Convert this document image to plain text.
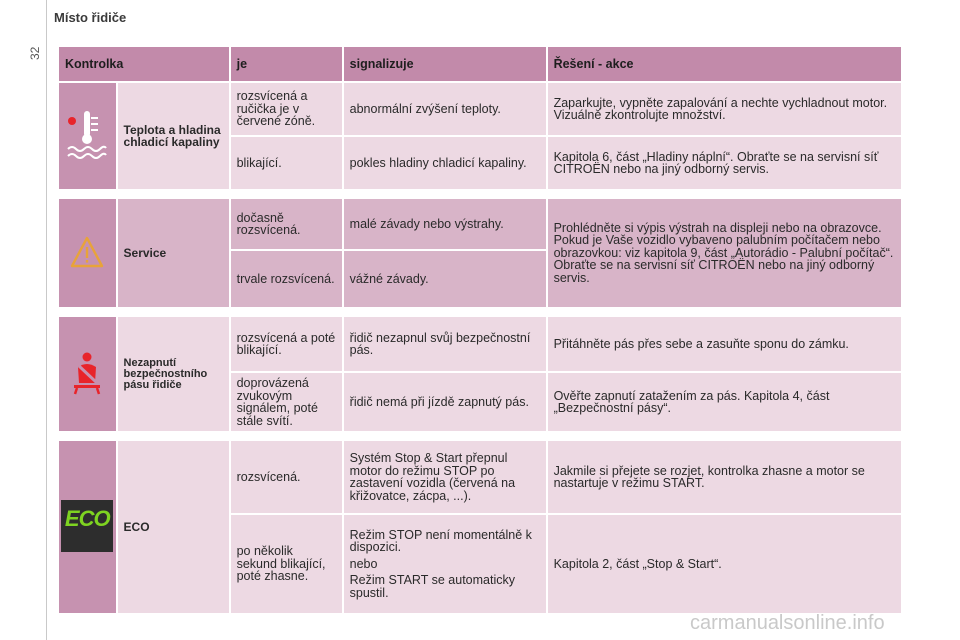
Místo řidiče
32
Kontrolka		je	signalizuje	Řešení - akce
	Teplota a hladina chladicí kapaliny	rozsvícená a ručička je v červené zóně.	abnormální zvýšení teploty.	Zaparkujte, vypněte zapalování a nechte vychladnout motor. Vizuálně zkontrolujte množství.
		blikající.	pokles hladiny chladicí kapaliny.	Kapitola 6, část „Hladiny náplní“. Obraťte se na servisní síť CITROËN nebo na jiný odborný servis.

	Service	dočasně rozsvícená.	malé závady nebo výstrahy.	Prohlédněte si výpis výstrah na displeji nebo na obrazovce. Pokud je Vaše vozidlo vybaveno palubním počítačem nebo obrazovkou: viz kapitola 9, část „Autorádio - Palubní počítač“. Obraťte se na servisní síť CITROËN nebo na jiný odborný servis.
		trvale rozsvícená.	vážné závady.	

	Nezapnutí bezpečnostního pásu řidiče	rozsvícená a poté blikající.	řidič nezapnul svůj bezpečnostní pás.	Přitáhněte pás přes sebe a zasuňte sponu do zámku.
		doprovázená zvukovým signálem, poté stále svítí.	řidič nemá při jízdě zapnutý pás.	Ověřte zapnutí zatažením za pás. Kapitola 4, část „Bezpečnostní pásy“.

ECO	ECO	rozsvícená.	Systém Stop & Start přepnul motor do režimu STOP po zastavení vozidla (červená na křižovatce, zácpa, ...).	Jakmile si přejete se rozjet, kontrolka zhasne a motor se nastartuje v režimu START.
		po několik sekund blikající, poté zhasne.	Režim STOP není momentálně k dispozici.
nebo
Režim START se automaticky spustil.	Kapitola 2, část „Stop & Start“.
carmanualsonline.info
